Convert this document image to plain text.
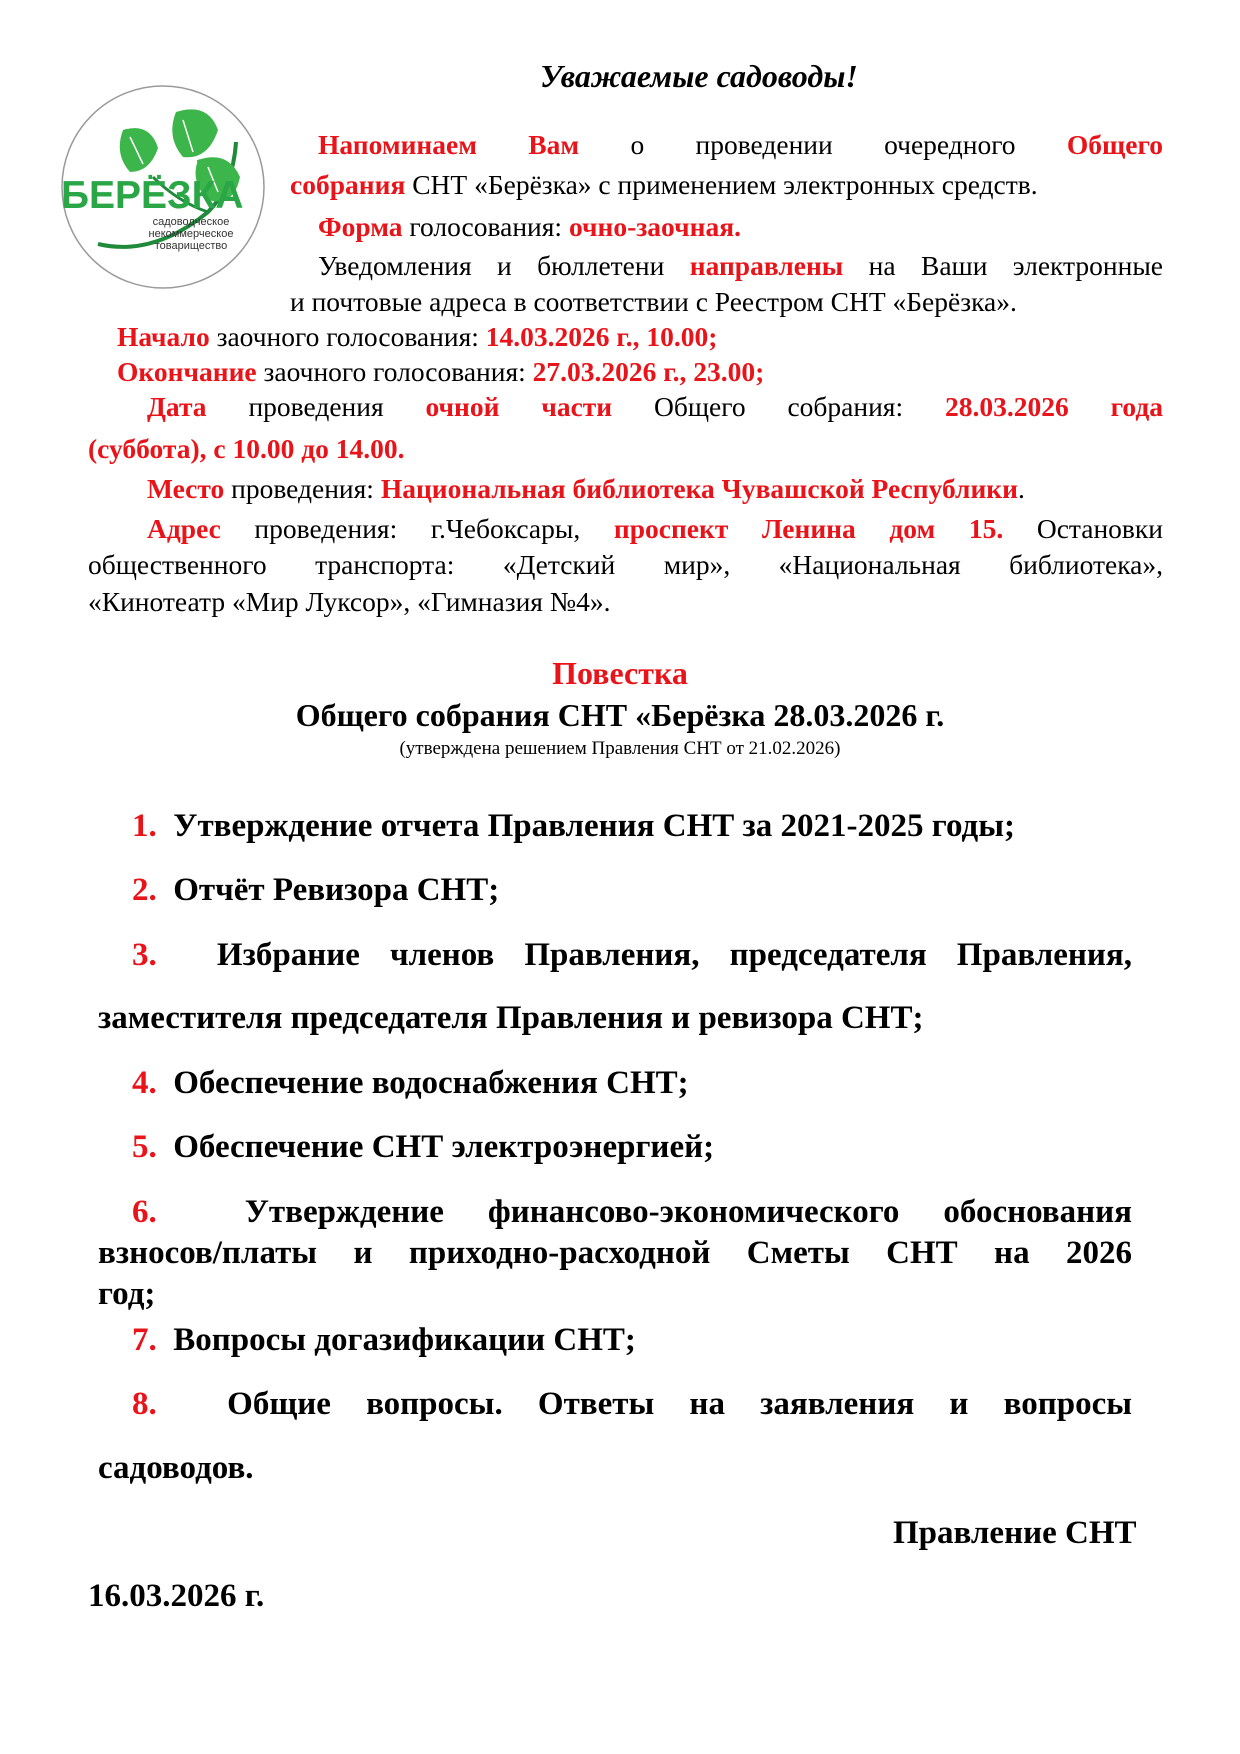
БЕРЁЗКА
садоводческое
некоммерческое
товарищество
Уважаемые садоводы!
Напоминаем Вам о проведении очередного Общего
собрания СНТ «Берёзка» с применением электронных средств.
Форма голосования: очно-заочная.
Уведомления и бюллетени направлены на Ваши электронные
и почтовые адреса в соответствии с Реестром СНТ «Берёзка».
Начало заочного голосования: 14.03.2026 г., 10.00;
Окончание заочного голосования: 27.03.2026 г., 23.00;
Дата проведения очной части Общего собрания: 28.03.2026 года
(суббота), с 10.00 до 14.00.
Место проведения: Национальная библиотека Чувашской Республики.
Адрес проведения: г.Чебоксары, проспект Ленина дом 15. Остановки
общественного транспорта: «Детский мир», «Национальная библиотека»,
«Кинотеатр «Мир Луксор», «Гимназия №4».
Повестка
Общего собрания СНТ «Берёзка 28.03.2026 г.
(утверждена решением Правления СНТ от 21.02.2026)
1. Утверждение отчета Правления СНТ за 2021-2025 годы;
2. Отчёт Ревизора СНТ;
3. Избрание членов Правления, председателя Правления,
заместителя председателя Правления и ревизора СНТ;
4. Обеспечение водоснабжения СНТ;
5. Обеспечение СНТ электроэнергией;
6.	Утверждение финансово-экономического обоснования
взносов/платы и приходно-расходной Сметы СНТ на 2026
год;
7. Вопросы догазификации СНТ;
8. Общие вопросы. Ответы на заявления и вопросы
садоводов.
Правление СНТ
16.03.2026 г.
